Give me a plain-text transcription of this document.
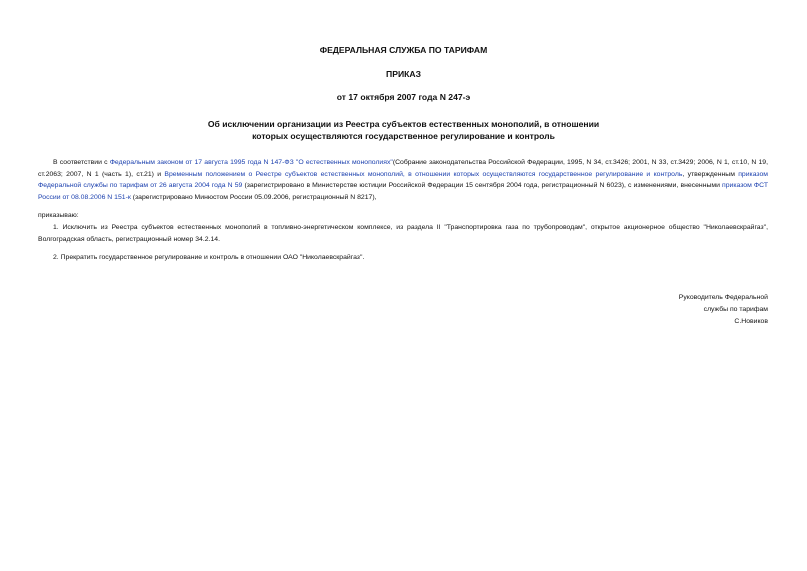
ФЕДЕРАЛЬНАЯ СЛУЖБА ПО ТАРИФАМ
ПРИКАЗ
от 17 октября 2007 года N 247-э
Об исключении организации из Реестра субъектов естественных монополий, в отношении
которых осуществляются государственное регулирование и контроль
В соответствии с Федеральным законом от 17 августа 1995 года N 147-ФЗ "О естественных монополиях"(Собрание законодательства Российской Федерации, 1995, N 34, ст.3426; 2001, N 33, ст.3429; 2006, N 1, ст.10, N 19, ст.2063; 2007, N 1 (часть 1), ст.21) и Временным положением о Реестре субъектов естественных монополий, в отношении которых осуществляются государственное регулирование и контроль, утвержденным приказом Федеральной службы по тарифам от 26 августа 2004 года N 59 (зарегистрировано в Министерстве юстиции Российской Федерации 15 сентября 2004 года, регистрационный N 6023), с изменениями, внесенными приказом ФСТ России от 08.08.2006 N 151-к (зарегистрировано Минюстом России 05.09.2006, регистрационный N 8217),
приказываю:
1. Исключить из Реестра субъектов естественных монополий в топливно-энергетическом комплексе, из раздела II "Транспортировка газа по трубопроводам", открытое акционерное общество "Николаевскрайгаз", Волгоградская область, регистрационный номер 34.2.14.
2. Прекратить государственное регулирование и контроль в отношении ОАО "Николаевскрайгаз".
Руководитель Федеральной
службы по тарифам
С.Новиков
